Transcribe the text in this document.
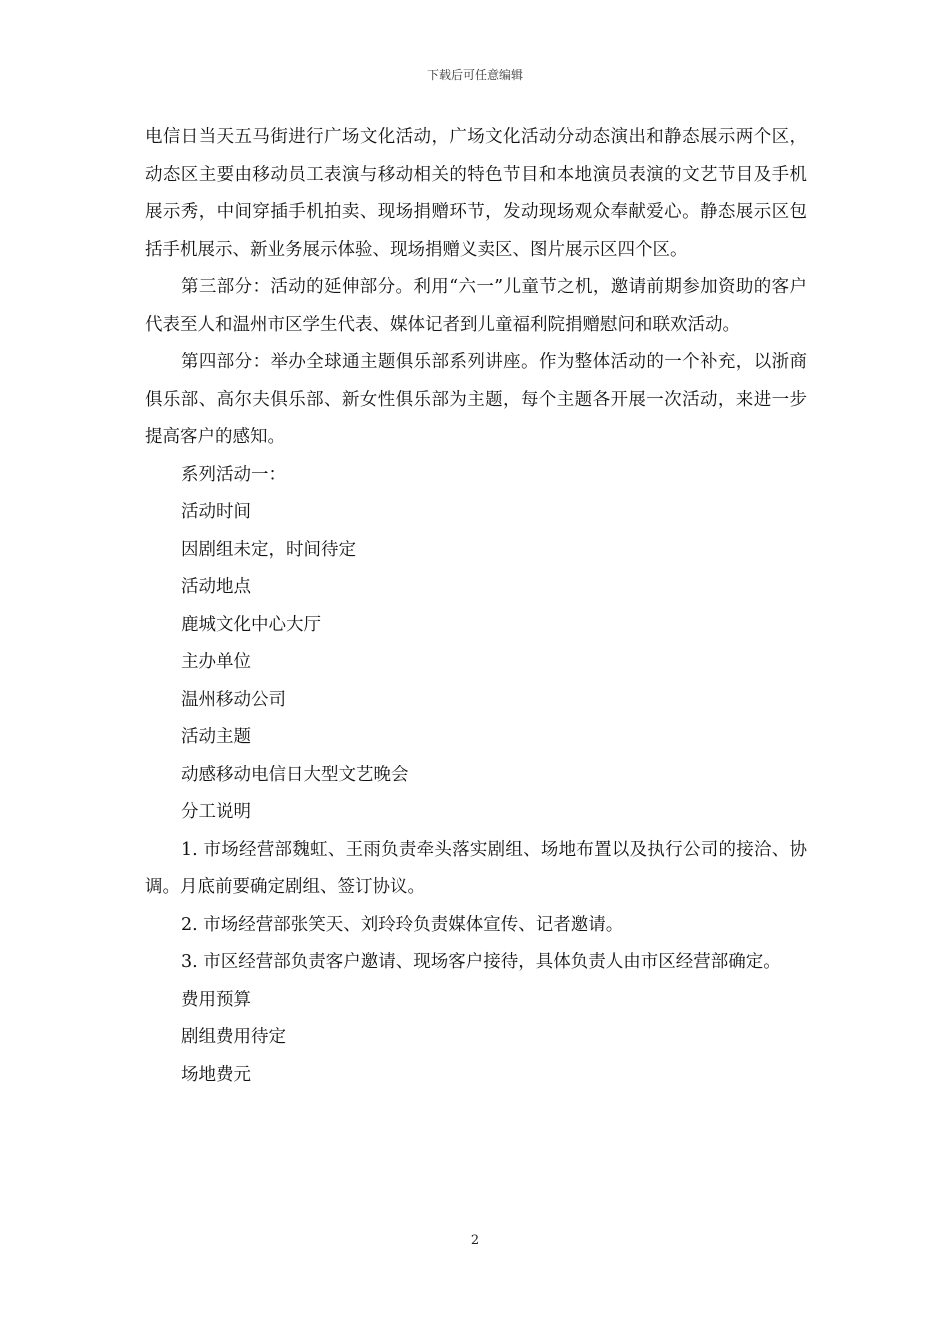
下载后可任意编辑

电信日当天五马街进行广场文化活动，广场文化活动分动态演出和静态展示两个区，动态区主要由移动员工表演与移动相关的特色节目和本地演员表演的文艺节目及手机展示秀，中间穿插手机拍卖、现场捐赠环节，发动现场观众奉献爱心。静态展示区包括手机展示、新业务展示体验、现场捐赠义卖区、图片展示区四个区。

第三部分：活动的延伸部分。利用“六一”儿童节之机，邀请前期参加资助的客户代表至人和温州市区学生代表、媒体记者到儿童福利院捐赠慰问和联欢活动。

第四部分：举办全球通主题俱乐部系列讲座。作为整体活动的一个补充，以浙商俱乐部、高尔夫俱乐部、新女性俱乐部为主题，每个主题各开展一次活动，来进一步提高客户的感知。

系列活动一：

活动时间

因剧组未定，时间待定

活动地点

鹿城文化中心大厅

主办单位

温州移动公司

活动主题

动感移动电信日大型文艺晚会

分工说明

1. 市场经营部魏虹、王雨负责牵头落实剧组、场地布置以及执行公司的接洽、协调。月底前要确定剧组、签订协议。

2. 市场经营部张笑天、刘玲玲负责媒体宣传、记者邀请。

3. 市区经营部负责客户邀请、现场客户接待，具体负责人由市区经营部确定。

费用预算

剧组费用待定

场地费元

2
